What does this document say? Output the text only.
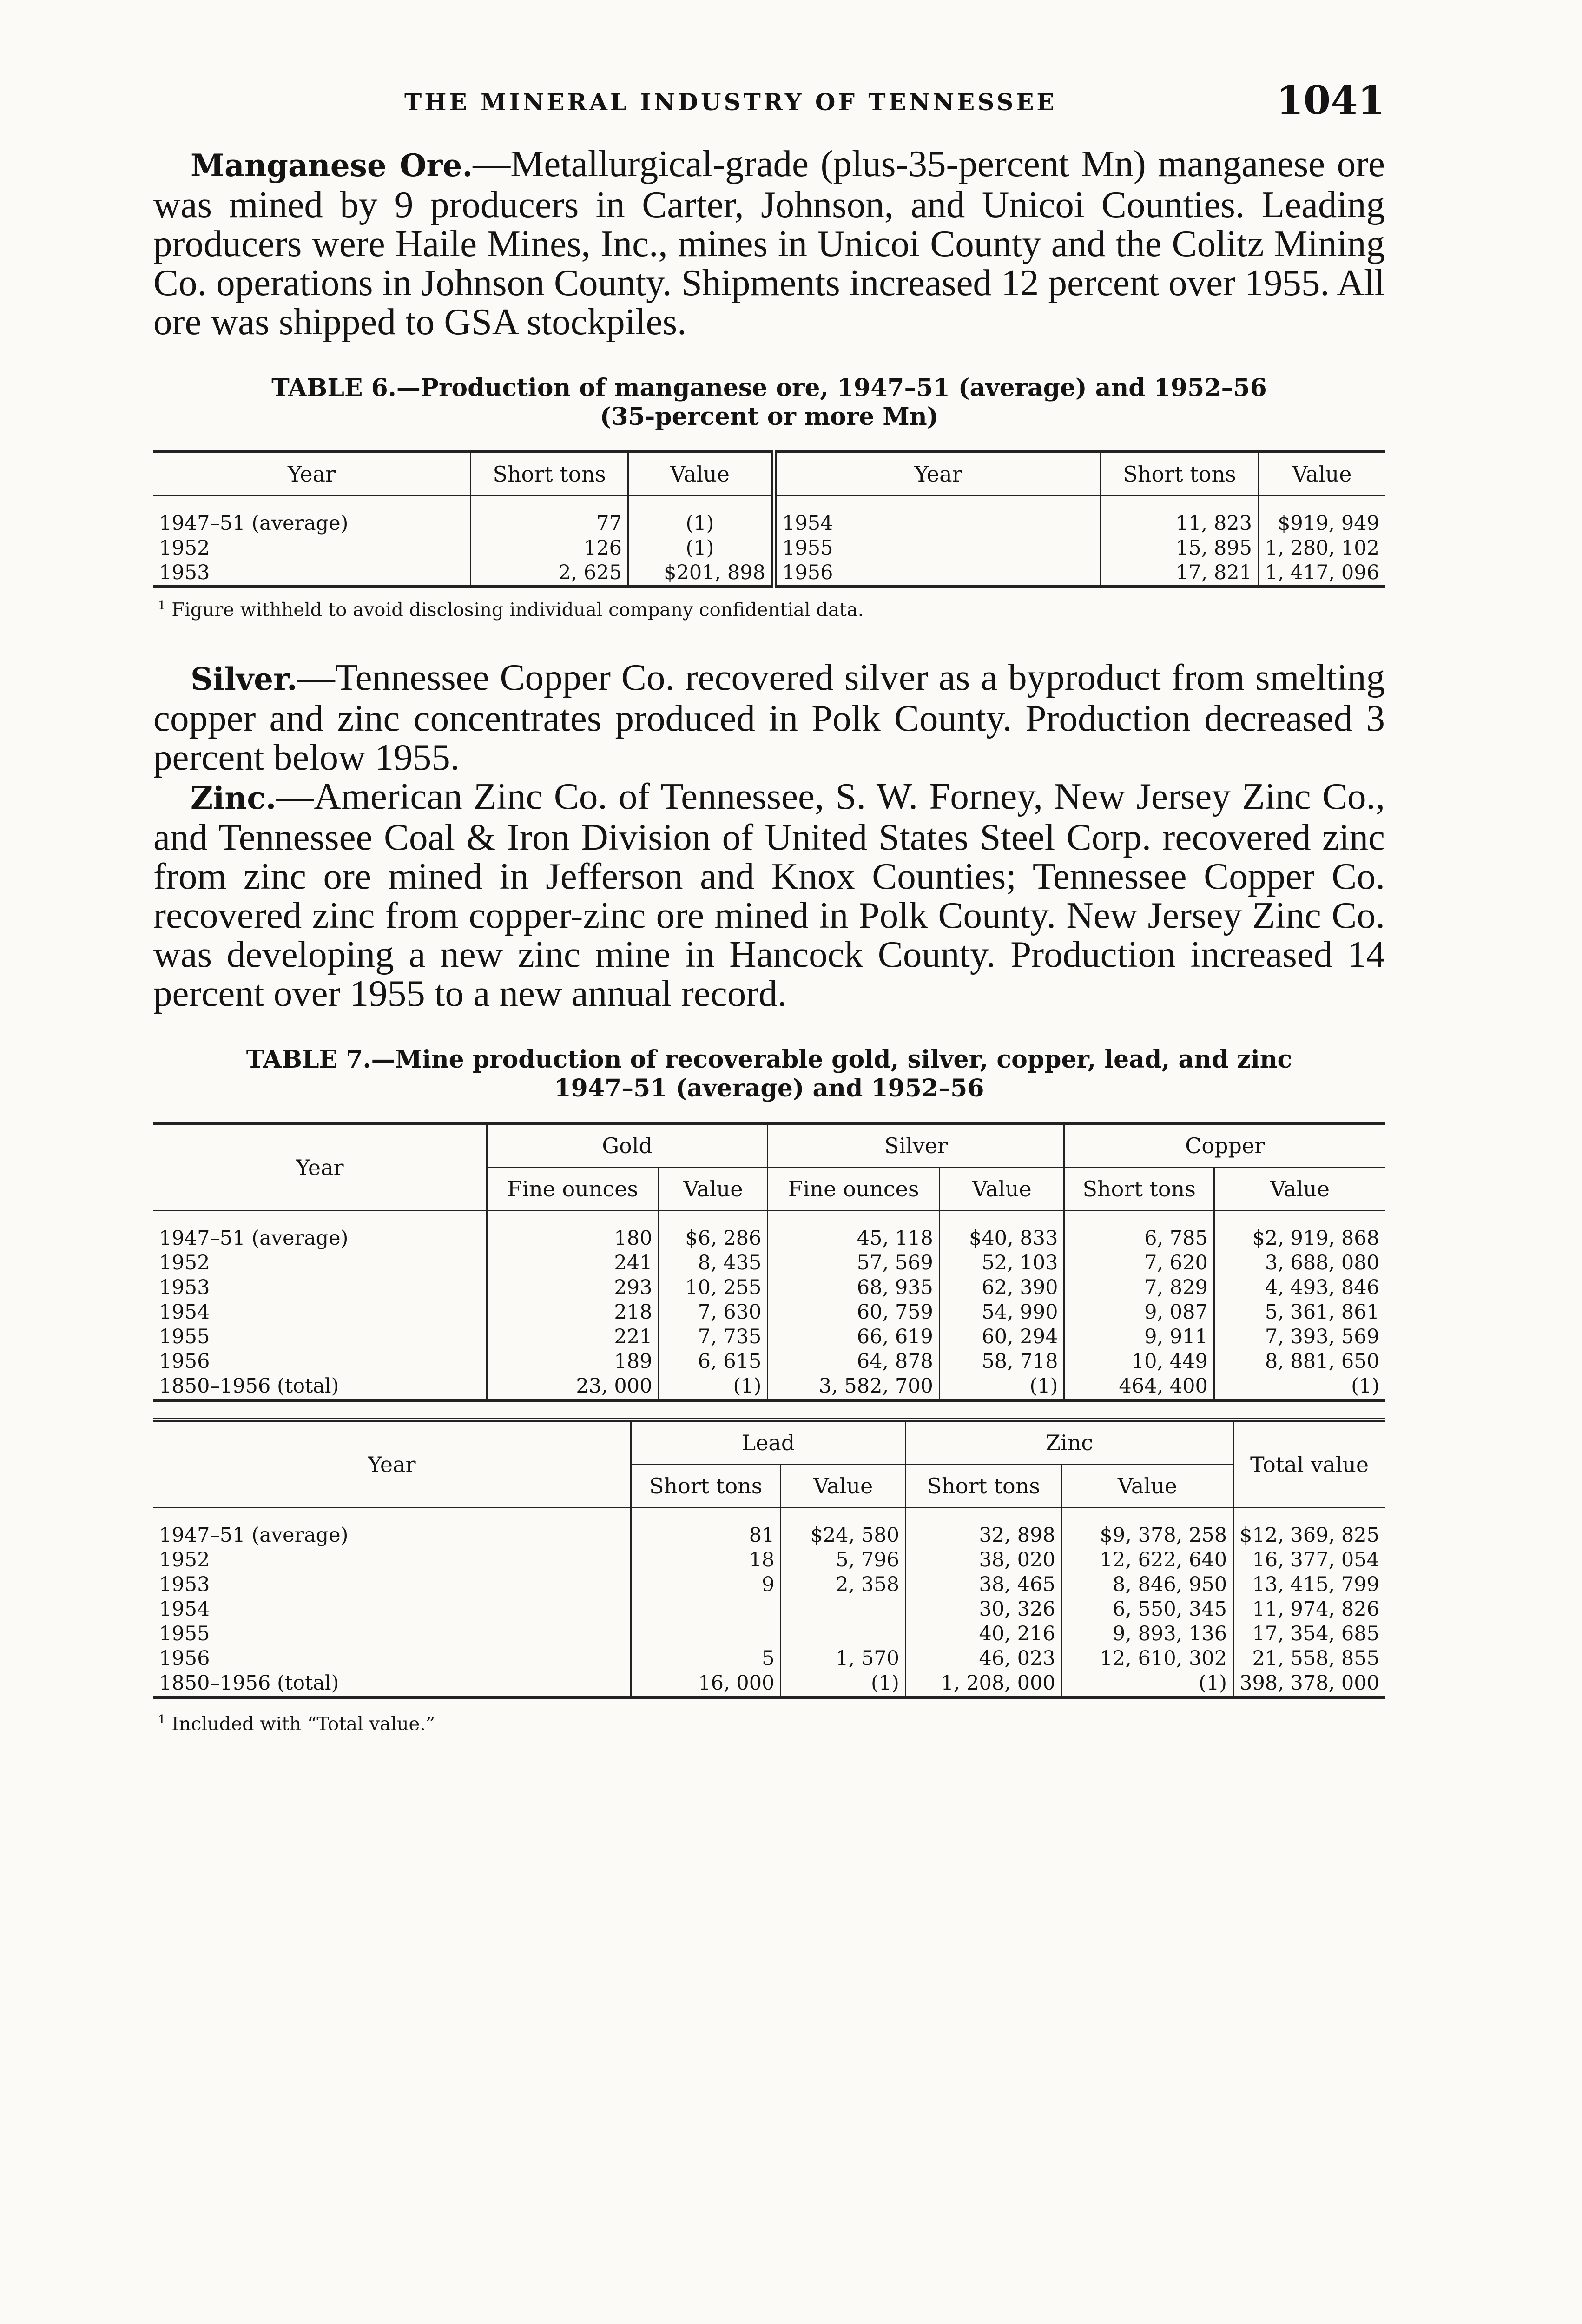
THE MINERAL INDUSTRY OF TENNESSEE	1041

Manganese Ore.—Metallurgical-grade (plus-35-percent Mn) manganese ore was mined by 9 producers in Carter, Johnson, and Unicoi Counties. Leading producers were Haile Mines, Inc., mines in Unicoi County and the Colitz Mining Co. operations in Johnson County. Shipments increased 12 percent over 1955. All ore was shipped to GSA stockpiles.

TABLE 6.—Production of manganese ore, 1947–51 (average) and 1952–56
(35-percent or more Mn)
Year	Short tons	Value	Year	Short tons	Value

1947–51 (average)	77	(1)	1954	11, 823	$919, 949
1952	126	(1)	1955	15, 895	1, 280, 102
1953	2, 625	$201, 898	1956	17, 821	1, 417, 096
$^1$ Figure withheld to avoid disclosing individual company confidential data.

Silver.—Tennessee Copper Co. recovered silver as a byproduct from smelting copper and zinc concentrates produced in Polk County. Production decreased 3 percent below 1955.

Zinc.—American Zinc Co. of Tennessee, S. W. Forney, New Jersey Zinc Co., and Tennessee Coal & Iron Division of United States Steel Corp. recovered zinc from zinc ore mined in Jefferson and Knox Counties; Tennessee Copper Co. recovered zinc from copper-zinc ore mined in Polk County. New Jersey Zinc Co. was developing a new zinc mine in Hancock County. Production increased 14 percent over 1955 to a new annual record.

TABLE 7.—Mine production of recoverable gold, silver, copper, lead, and zinc
1947–51 (average) and 1952–56
Year	Gold		Silver		Copper	
	Fine ounces	Value	Fine ounces	Value	Short tons	Value

1947–51 (average)	180	$6, 286	45, 118	$40, 833	6, 785	$2, 919, 868
1952	241	8, 435	57, 569	52, 103	7, 620	3, 688, 080
1953	293	10, 255	68, 935	62, 390	7, 829	4, 493, 846
1954	218	7, 630	60, 759	54, 990	9, 087	5, 361, 861
1955	221	7, 735	66, 619	60, 294	9, 911	7, 393, 569
1956	189	6, 615	64, 878	58, 718	10, 449	8, 881, 650
1850–1956 (total)	23, 000	(1)	3, 582, 700	(1)	464, 400	(1)
Year	Lead		Zinc		Total value
	Short tons	Value	Short tons	Value	

1947–51 (average)	81	$24, 580	32, 898	$9, 378, 258	$12, 369, 825
1952	18	5, 796	38, 020	12, 622, 640	16, 377, 054
1953	9	2, 358	38, 465	8, 846, 950	13, 415, 799
1954			30, 326	6, 550, 345	11, 974, 826
1955			40, 216	9, 893, 136	17, 354, 685
1956	5	1, 570	46, 023	12, 610, 302	21, 558, 855
1850–1956 (total)	16, 000	(1)	1, 208, 000	(1)	398, 378, 000
$^1$ Included with “Total value.”
